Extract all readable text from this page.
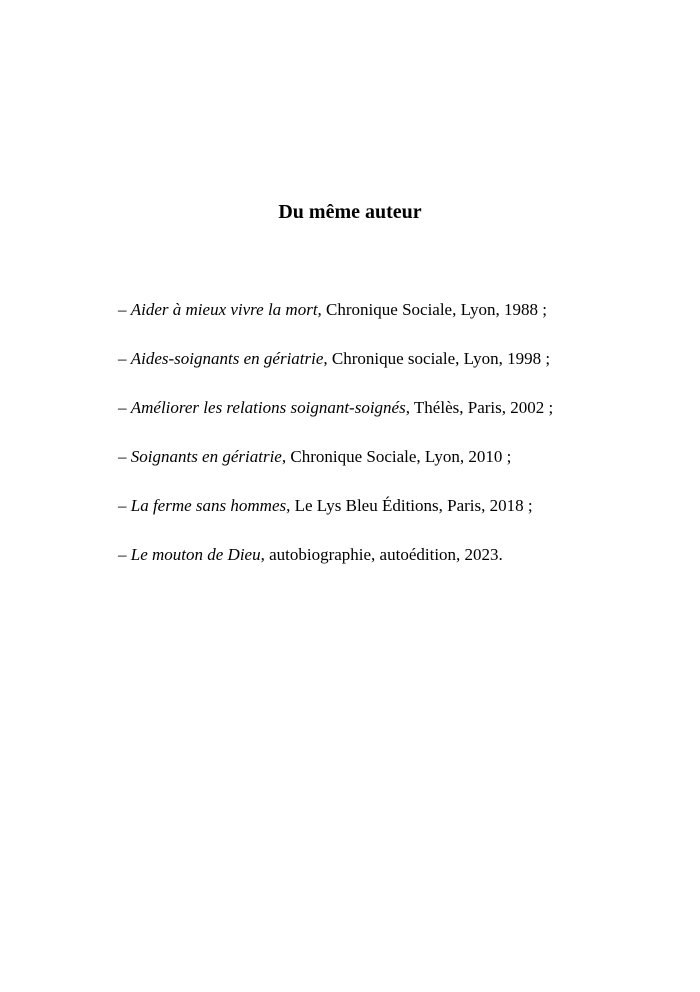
Du même auteur
– Aider à mieux vivre la mort, Chronique Sociale, Lyon, 1988 ;
– Aides-soignants en gériatrie, Chronique sociale, Lyon, 1998 ;
– Améliorer les relations soignant-soignés, Thélès, Paris, 2002 ;
– Soignants en gériatrie, Chronique Sociale, Lyon, 2010 ;
– La ferme sans hommes, Le Lys Bleu Éditions, Paris, 2018 ;
– Le mouton de Dieu, autobiographie, autoédition, 2023.
